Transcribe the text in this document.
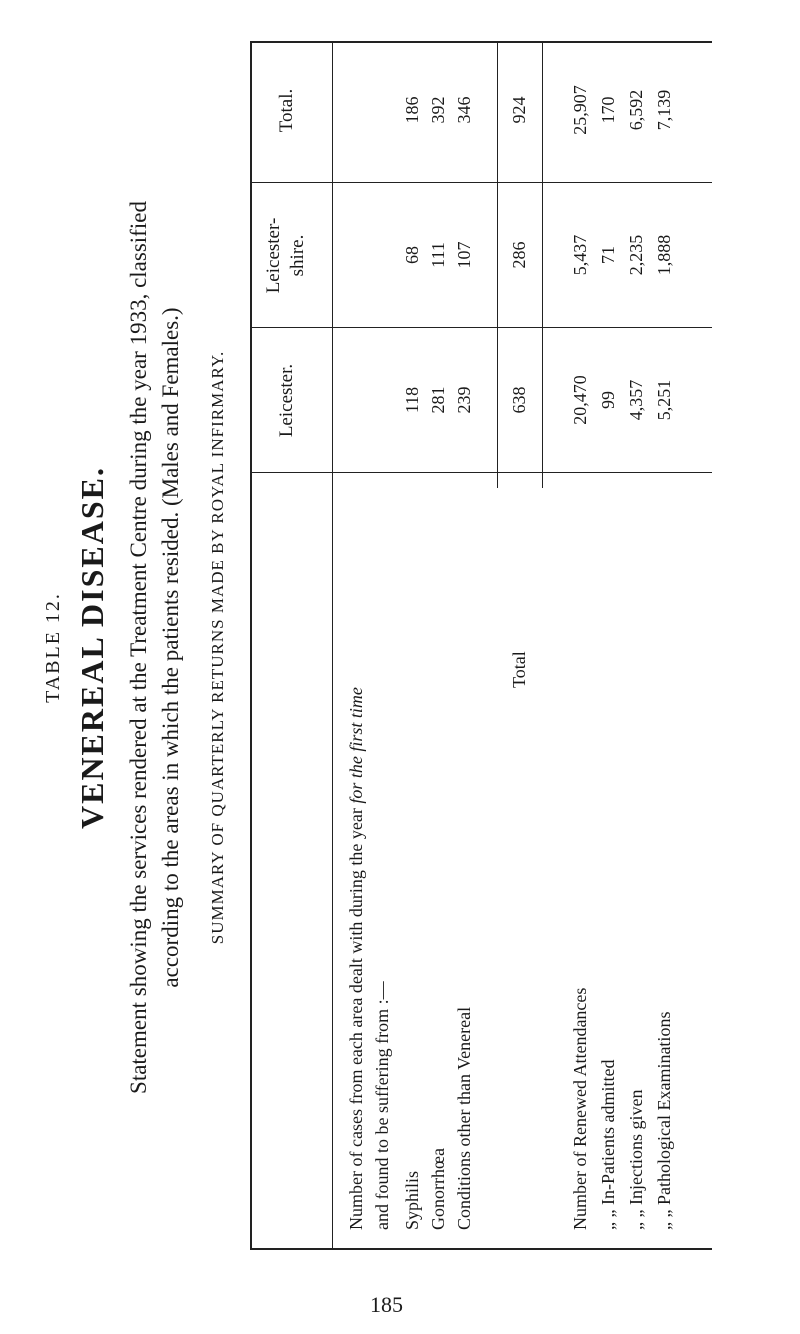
TABLE 12. VENEREAL DISEASE. Statement showing the services rendered at the Treatment Centre during the year 1933, classified according to the areas in which the patients resided. (Males and Females.) SUMMARY OF QUARTERLY RETURNS MADE BY ROYAL INFIRMARY.	Leicester.
Leicester-
shire.
Total.
Number of cases from each area dealt with during the year for the first time
and found to be suffering from :— Syphilis Gonorrhœa Conditions other than Venereal
118
68
186
281
111
392
239
107
346
Total
638
286
924
Number of Renewed Attendances „ „ In-Patients admitted „ „ Injections given „ „ Pathological Examinations
20,470
5,437
25,907
99
71
170
4,357
2,235
6,592
5,251
1,888
7,139
185
